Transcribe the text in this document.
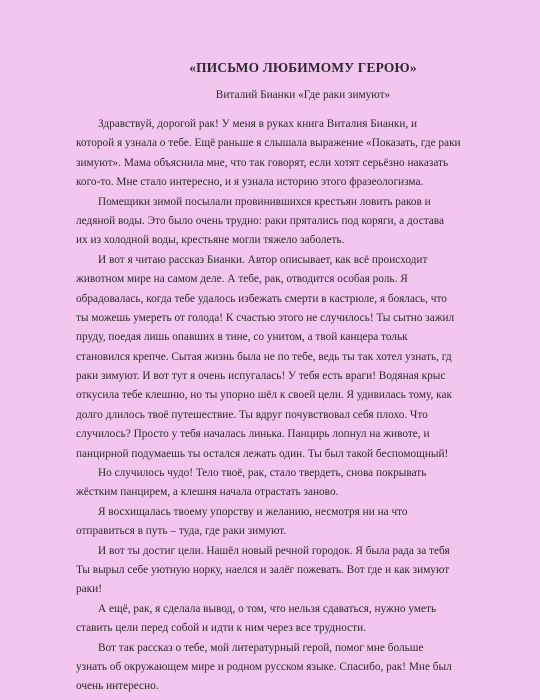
«ПИСЬМО ЛЮБИМОМУ ГЕРОЮ»
Виталий Бианки «Где раки зимуют»
Здравствуй, дорогой рак! У меня в руках книга Виталия Бианки, и
которой я узнала о тебе. Ещё раньше я слышала выражение «Показать, где раки
зимуют». Мама объяснила мне, что так говорят, если хотят серьёзно наказать
кого-то. Мне стало интересно, и я узнала историю этого фразеологизма.
Помещики зимой посылали провинившихся крестьян ловить раков и
ледяной воды. Это было очень трудно: раки прятались под коряги, а достава
их из холодной воды, крестьяне могли тяжело заболеть.
И вот я читаю рассказ Бианки. Автор описывает, как всё происходит
животном мире на самом деле. А тебе, рак, отводится особая роль. Я
обрадовалась, когда тебе удалось избежать смерти в кастрюле, я боялась, что
ты можешь умереть от голода! К счастью этого не случилось! Ты сытно зажил
пруду, поедая лишь опавших в тине, со унитом, а твой канцера тольк
становился крепче. Сытая жизнь была не по тебе, ведь ты так хотел узнать, гд
раки зимуют. И вот тут я очень испугалась! У тебя есть враги! Водяная крыс
откусила тебе клешню, но ты упорно шёл к своей цели. Я удивилась тому, как
долго длилось твоё путешествие. Ты вдруг почувствовал себя плохо. Что
случилось? Просто у тебя началась линька. Панцирь лопнул на животе, и
панцирной подумаешь ты остался лежать один. Ты был такой беспомощный!
Но случилось чудо! Тело твоё, рак, стало твердеть, снова покрывать
жёстким панцирем, а клешня начала отрастать заново.
Я восхищалась твоему упорству и желанию, несмотря ни на что
отправиться в путь – туда, где раки зимуют.
И вот ты достиг цели. Нашёл новый речной городок. Я была рада за тебя
Ты вырыл себе уютную норку, наелся и залёг пожевать. Вот где и как зимуют
раки!
А ещё, рак, я сделала вывод, о том, что нельзя сдаваться, нужно уметь
ставить цели перед собой и идти к ним через все трудности.
Вот так рассказ о тебе, мой литературный герой, помог мне больше
узнать об окружающем мире и родном русском языке. Спасибо, рак! Мне был
очень интересно.
